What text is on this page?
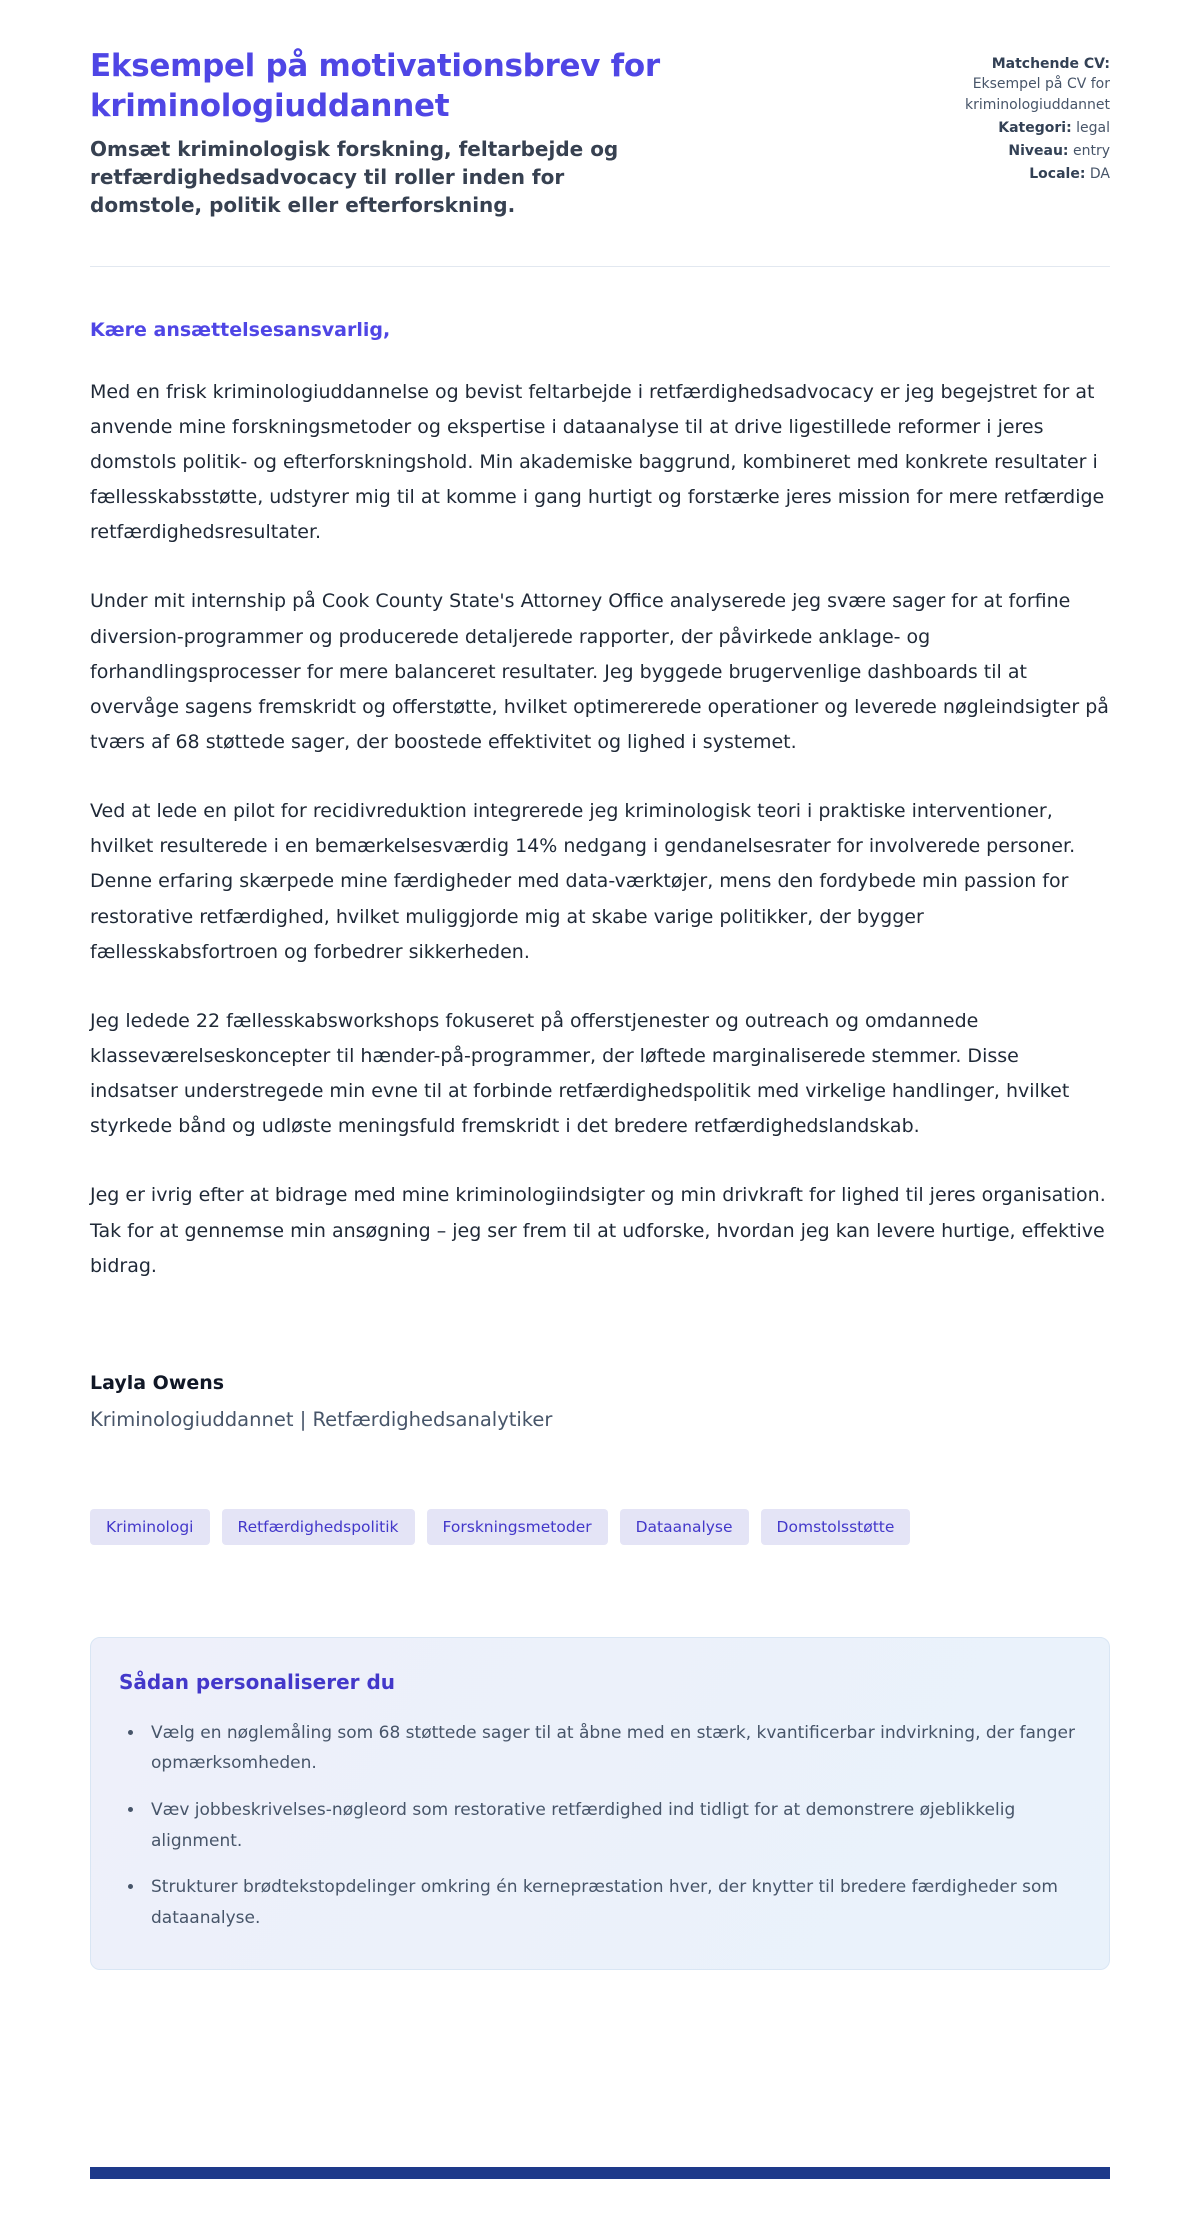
Eksempel på motivationsbrev for kriminologiuddannet

Omsæt kriminologisk forskning, feltarbejde og retfærdighedsadvocacy til roller inden for domstole, politik eller efterforskning.

Matchende CV:
Eksempel på CV for kriminologiuddannet
Kategori: legal
Niveau: entry
Locale: DA

Kære ansættelsesansvarlig,

Med en frisk kriminologiuddannelse og bevist feltarbejde i retfærdighedsadvocacy er jeg begejstret for at anvende mine forskningsmetoder og ekspertise i dataanalyse til at drive ligestillede reformer i jeres domstols politik- og efterforskningshold. Min akademiske baggrund, kombineret med konkrete resultater i fællesskabsstøtte, udstyrer mig til at komme i gang hurtigt og forstærke jeres mission for mere retfærdige retfærdighedsresultater.

Under mit internship på Cook County State's Attorney Office analyserede jeg svære sager for at forfine diversion-programmer og producerede detaljerede rapporter, der påvirkede anklage- og forhandlingsprocesser for mere balanceret resultater. Jeg byggede brugervenlige dashboards til at overvåge sagens fremskridt og offerstøtte, hvilket optimererede operationer og leverede nøgleindsigter på tværs af 68 støttede sager, der boostede effektivitet og lighed i systemet.

Ved at lede en pilot for recidivreduktion integrerede jeg kriminologisk teori i praktiske interventioner, hvilket resulterede i en bemærkelsesværdig 14% nedgang i gendanelsesrater for involverede personer. Denne erfaring skærpede mine færdigheder med data-værktøjer, mens den fordybede min passion for restorative retfærdighed, hvilket muliggjorde mig at skabe varige politikker, der bygger fællesskabsfortroen og forbedrer sikkerheden.

Jeg ledede 22 fællesskabsworkshops fokuseret på offerstjenester og outreach og omdannede klasseværelseskoncepter til hænder-på-programmer, der løftede marginaliserede stemmer. Disse indsatser understregede min evne til at forbinde retfærdighedspolitik med virkelige handlinger, hvilket styrkede bånd og udløste meningsfuld fremskridt i det bredere retfærdighedslandskab.

Jeg er ivrig efter at bidrage med mine kriminologiindsigter og min drivkraft for lighed til jeres organisation. Tak for at gennemse min ansøgning – jeg ser frem til at udforske, hvordan jeg kan levere hurtige, effektive bidrag.

Layla Owens

Kriminologiuddannet | Retfærdighedsanalytiker

Kriminologi	Retfærdighedspolitik	Forskningsmetoder	Dataanalyse	Domstolsstøtte
Sådan personaliserer du
• Vælg en nøglemåling som 68 støttede sager til at åbne med en stærk, kvantificerbar indvirkning, der fanger opmærksomheden.
• Væv jobbeskrivelses-nøgleord som restorative retfærdighed ind tidligt for at demonstrere øjeblikkelig alignment.
• Strukturer brødtekstopdelinger omkring én kernepræstation hver, der knytter til bredere færdigheder som dataanalyse.
